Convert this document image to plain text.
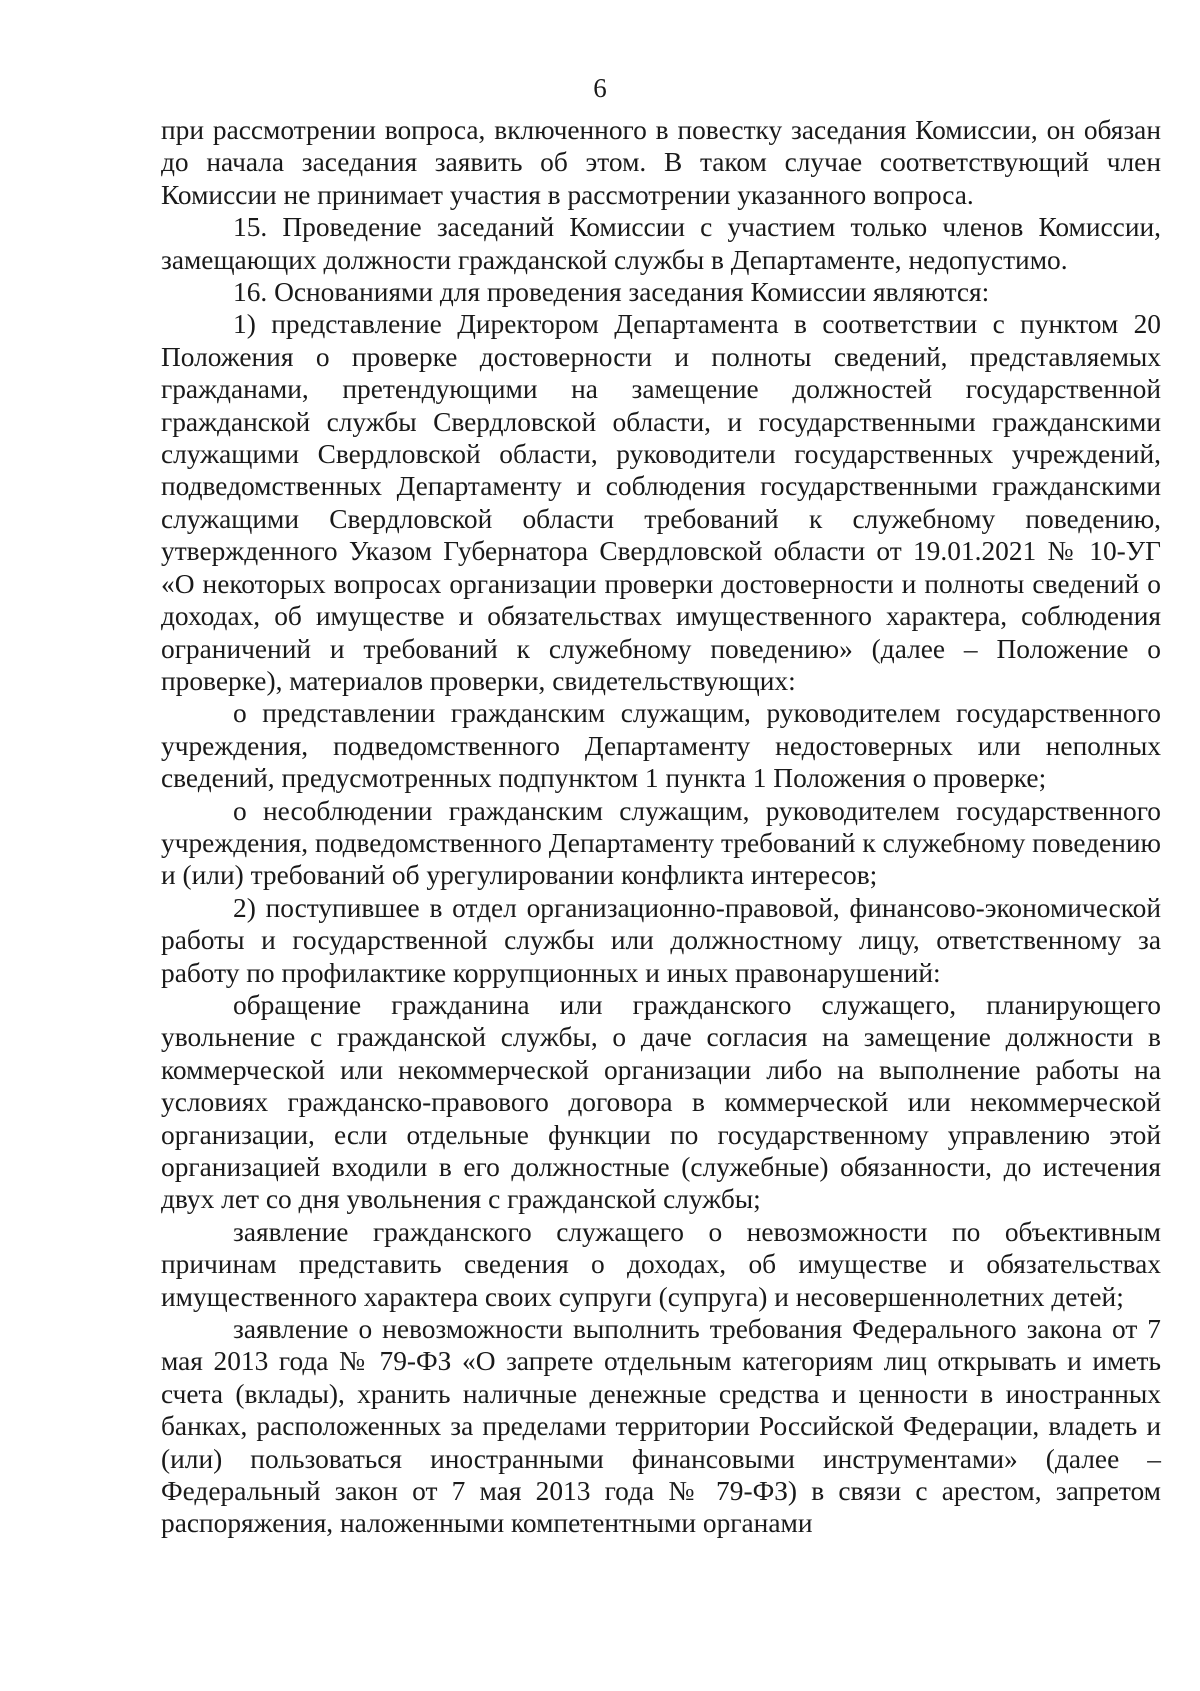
6

при рассмотрении вопроса, включенного в повестку заседания Комиссии, он обязан до начала заседания заявить об этом. В таком случае соответствующий член Комиссии не принимает участия в рассмотрении указанного вопроса.

15. Проведение заседаний Комиссии с участием только членов Комиссии, замещающих должности гражданской службы в Департаменте, недопустимо.

16. Основаниями для проведения заседания Комиссии являются:

1) представление Директором Департамента в соответствии с пунктом 20 Положения о проверке достоверности и полноты сведений, представляемых гражданами, претендующими на замещение должностей государственной гражданской службы Свердловской области, и государственными гражданскими служащими Свердловской области, руководители государственных учреждений, подведомственных Департаменту и соблюдения государственными гражданскими служащими Свердловской области требований к служебному поведению, утвержденного Указом Губернатора Свердловской области от 19.01.2021 № 10-УГ «О некоторых вопросах организации проверки достоверности и полноты сведений о доходах, об имуществе и обязательствах имущественного характера, соблюдения ограничений и требований к служебному поведению» (далее – Положение о проверке), материалов проверки, свидетельствующих:

о представлении гражданским служащим, руководителем государственного учреждения, подведомственного Департаменту недостоверных или неполных сведений, предусмотренных подпунктом 1 пункта 1 Положения о проверке;

о несоблюдении гражданским служащим, руководителем государственного учреждения, подведомственного Департаменту требований к служебному поведению и (или) требований об урегулировании конфликта интересов;

2) поступившее в отдел организационно-правовой, финансово-экономической работы и государственной службы или должностному лицу, ответственному за работу по профилактике коррупционных и иных правонарушений:

обращение гражданина или гражданского служащего, планирующего увольнение с гражданской службы, о даче согласия на замещение должности в коммерческой или некоммерческой организации либо на выполнение работы на условиях гражданско-правового договора в коммерческой или некоммерческой организации, если отдельные функции по государственному управлению этой организацией входили в его должностные (служебные) обязанности, до истечения двух лет со дня увольнения с гражданской службы;

заявление гражданского служащего о невозможности по объективным причинам представить сведения о доходах, об имуществе и обязательствах имущественного характера своих супруги (супруга) и несовершеннолетних детей;

заявление о невозможности выполнить требования Федерального закона от 7 мая 2013 года № 79-ФЗ «О запрете отдельным категориям лиц открывать и иметь счета (вклады), хранить наличные денежные средства и ценности в иностранных банках, расположенных за пределами территории Российской Федерации, владеть и (или) пользоваться иностранными финансовыми инструментами» (далее – Федеральный закон от 7 мая 2013 года № 79-ФЗ) в связи с арестом, запретом распоряжения, наложенными компетентными органами
